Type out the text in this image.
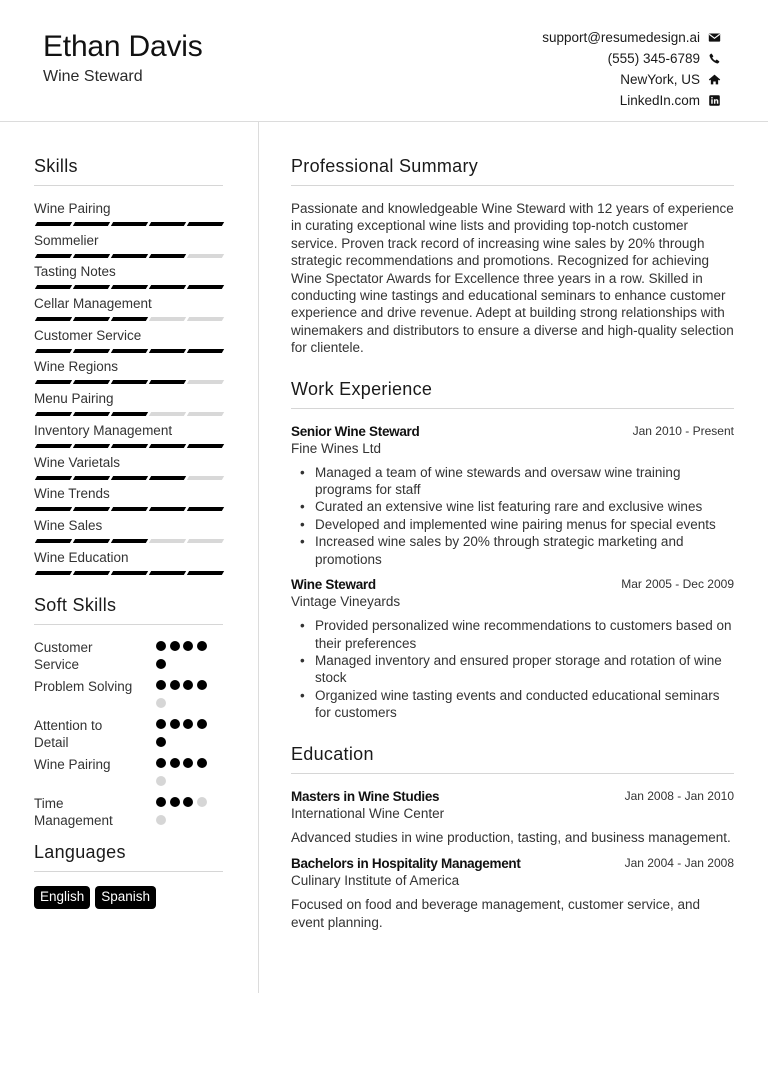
Ethan Davis
Wine Steward
support@resumedesign.ai
(555) 345-6789
NewYork, US
LinkedIn.com
Skills
Wine Pairing
Sommelier
Tasting Notes
Cellar Management
Customer Service
Wine Regions
Menu Pairing
Inventory Management
Wine Varietals
Wine Trends
Wine Sales
Wine Education
Soft Skills
Customer Service
Problem Solving
Attention to Detail
Wine Pairing
Time Management
Languages
English	Spanish
Professional Summary

Passionate and knowledgeable Wine Steward with 12 years of experience in curating exceptional wine lists and providing top-notch customer service. Proven track record of increasing wine sales by 20% through strategic recommendations and promotions. Recognized for achieving Wine Spectator Awards for Excellence three years in a row. Skilled in conducting wine tastings and educational seminars to enhance customer experience and drive revenue. Adept at building strong relationships with winemakers and distributors to ensure a diverse and high-quality selection for clientele.

Work Experience
Senior Wine Steward	Jan 2010 - Present
Fine Wines Ltd
• Managed a team of wine stewards and oversaw wine training programs for staff
• Curated an extensive wine list featuring rare and exclusive wines
• Developed and implemented wine pairing menus for special events
• Increased wine sales by 20% through strategic marketing and promotions
Wine Steward	Mar 2005 - Dec 2009
Vintage Vineyards
• Provided personalized wine recommendations to customers based on their preferences
• Managed inventory and ensured proper storage and rotation of wine stock
• Organized wine tasting events and conducted educational seminars for customers
Education
Masters in Wine Studies	Jan 2008 - Jan 2010
International Wine Center
Advanced studies in wine production, tasting, and business management.
Bachelors in Hospitality Management	Jan 2004 - Jan 2008
Culinary Institute of America
Focused on food and beverage management, customer service, and event planning.
